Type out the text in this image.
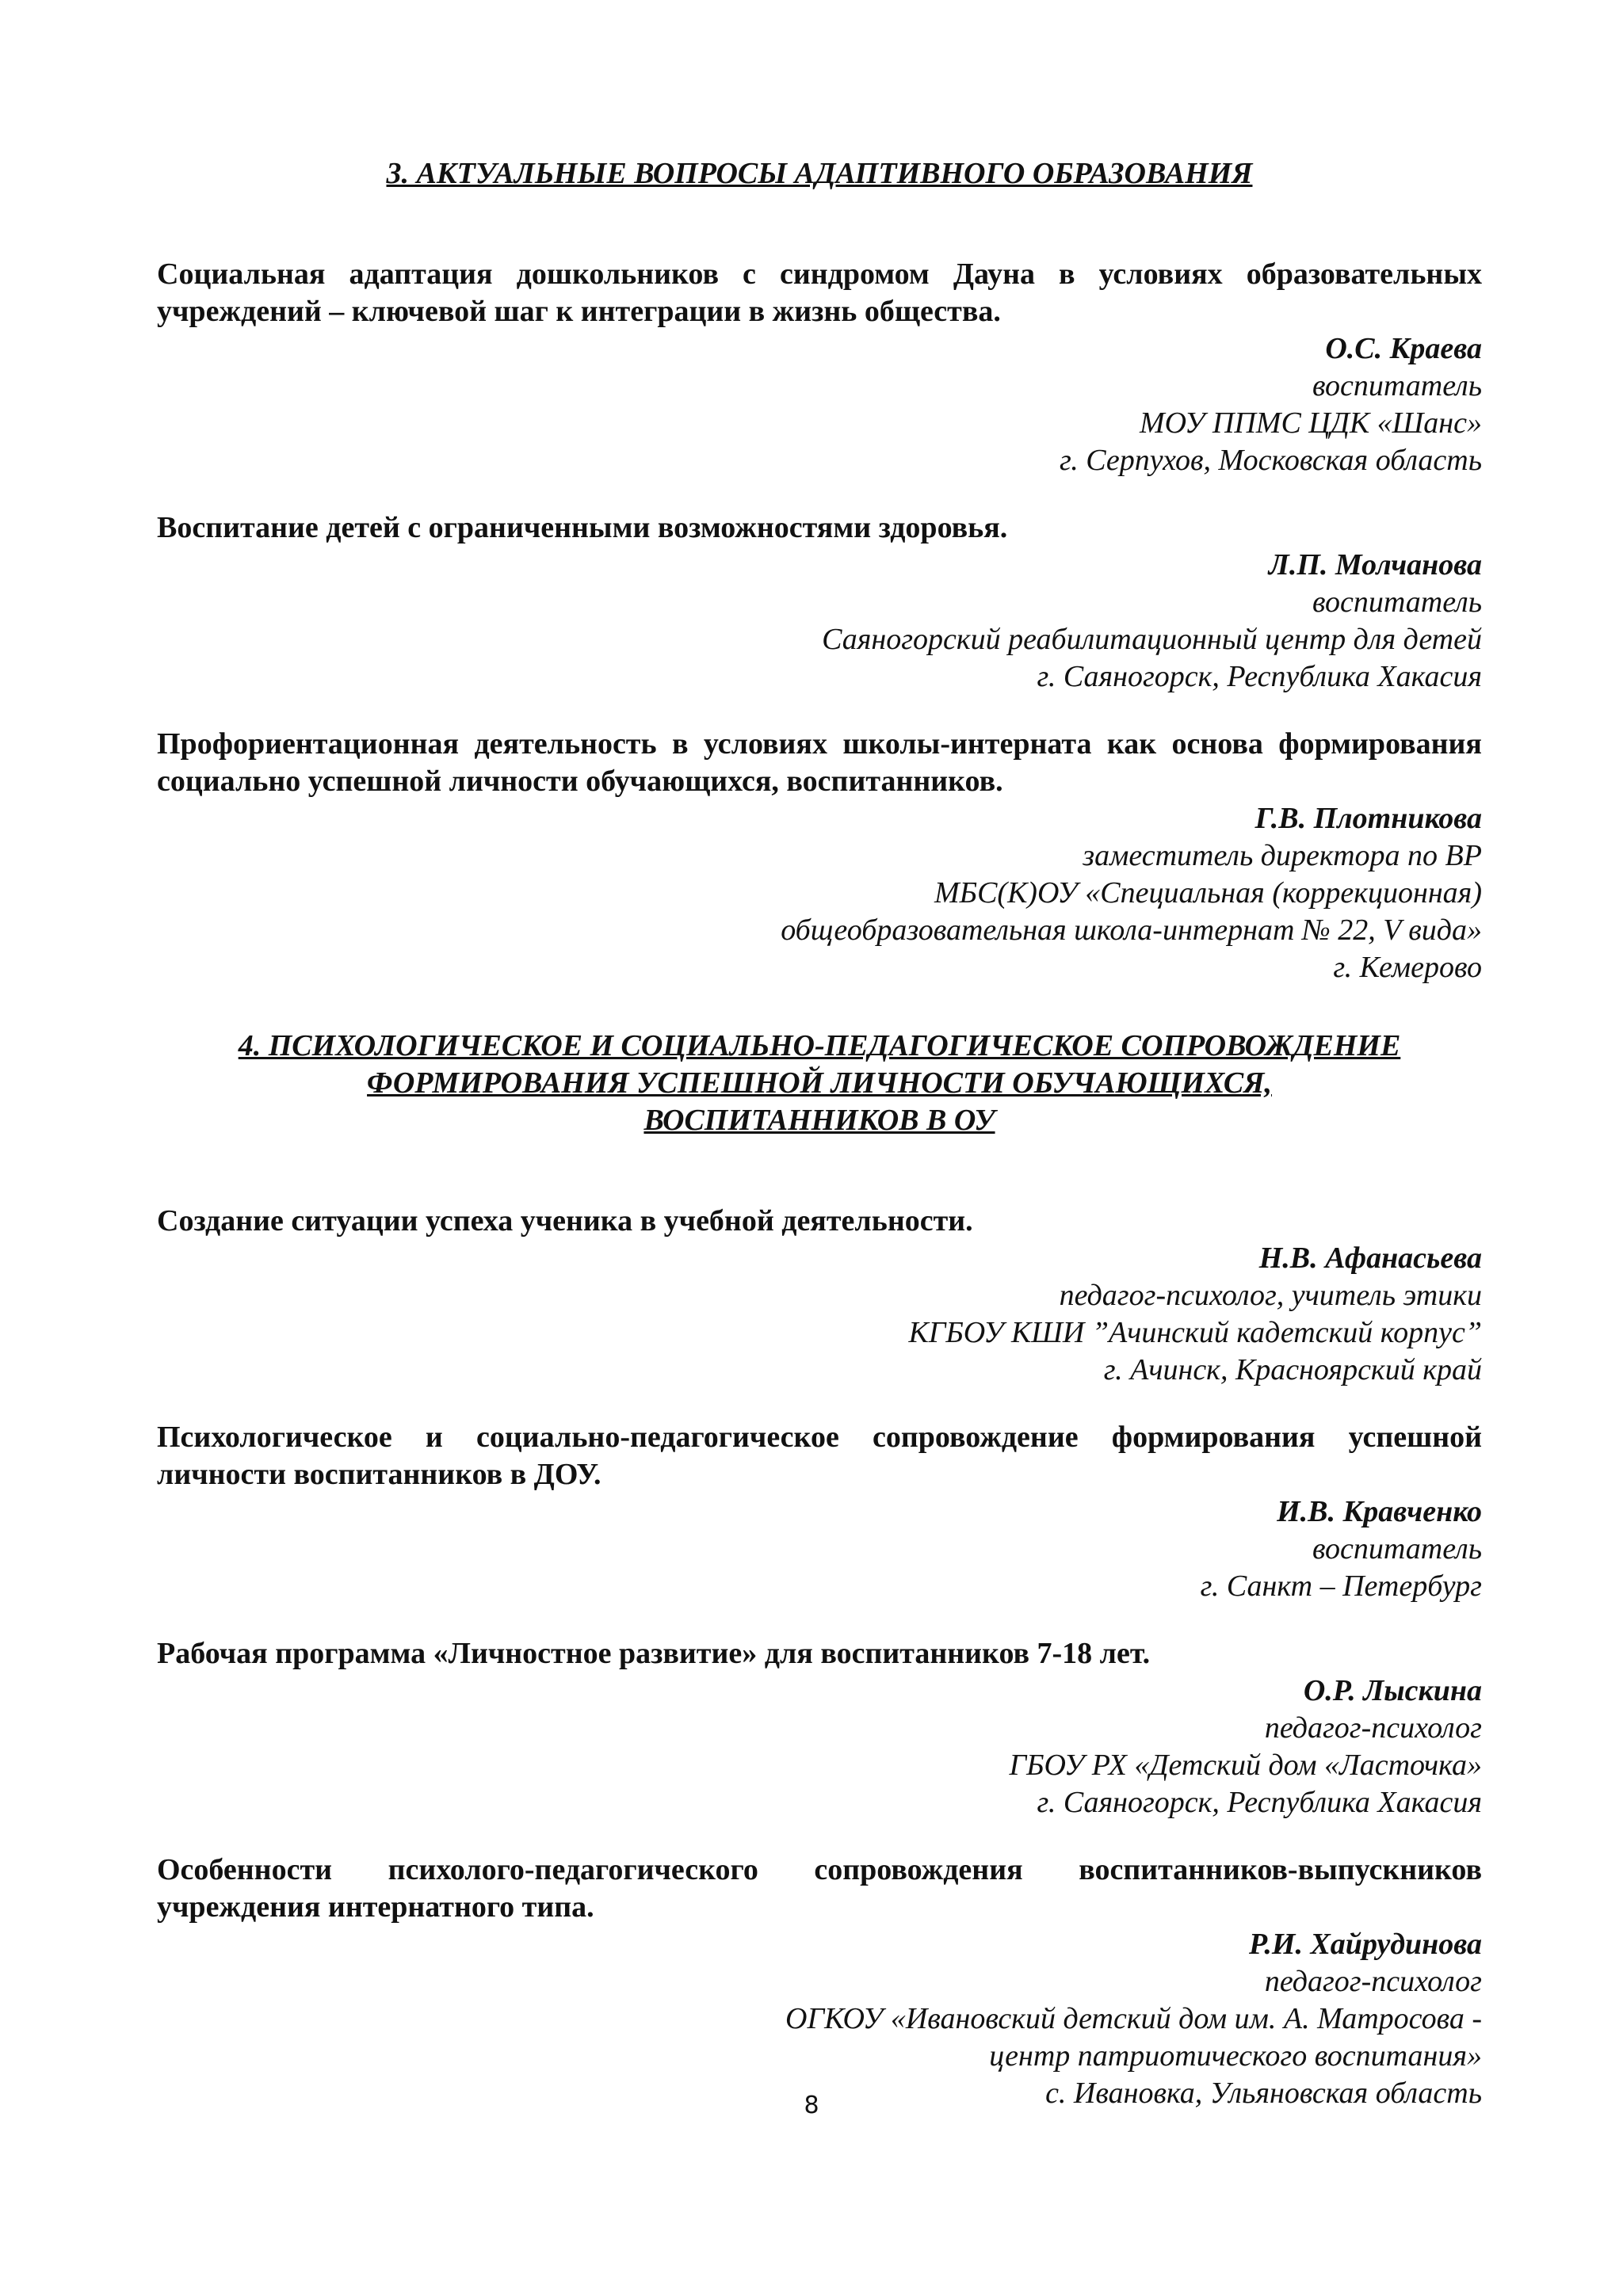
3. АКТУАЛЬНЫЕ ВОПРОСЫ АДАПТИВНОГО ОБРАЗОВАНИЯ

Социальная адаптация дошкольников с синдромом Дауна в условиях образовательных учреждений – ключевой шаг к интеграции в жизнь общества.

О.С. Краева
воспитатель
МОУ ППМС ЦДК «Шанс»
г. Серпухов, Московская область

Воспитание детей с ограниченными возможностями здоровья.

Л.П. Молчанова
воспитатель
Саяногорский реабилитационный центр для детей
г. Саяногорск, Республика Хакасия

Профориентационная деятельность в условиях школы-интерната как основа формирования социально успешной личности обучающихся, воспитанников.

Г.В. Плотникова
заместитель директора по ВР
МБС(К)ОУ «Специальная (коррекционная)
общеобразовательная школа-интернат № 22, V вида»
г. Кемерово
4. ПСИХОЛОГИЧЕСКОЕ И СОЦИАЛЬНО-ПЕДАГОГИЧЕСКОЕ СОПРОВОЖДЕНИЕ
ФОРМИРОВАНИЯ УСПЕШНОЙ ЛИЧНОСТИ ОБУЧАЮЩИХСЯ,
ВОСПИТАННИКОВ В ОУ

Создание ситуации успеха ученика в учебной деятельности.

Н.В. Афанасьева
педагог-психолог, учитель этики
КГБОУ КШИ ”Ачинский кадетский корпус”
г. Ачинск, Красноярский край

Психологическое и социально-педагогическое сопровождение формирования успешной личности воспитанников в ДОУ.

И.В. Кравченко
воспитатель
г. Санкт – Петербург

Рабочая программа «Личностное развитие» для воспитанников 7-18 лет.

О.Р. Лыскина
педагог-психолог
ГБОУ РХ «Детский дом «Ласточка»
г. Саяногорск, Республика Хакасия

Особенности психолого-педагогического сопровождения воспитанников-выпускников учреждения интернатного типа.

Р.И. Хайрудинова
педагог-психолог
ОГКОУ «Ивановский детский дом им. А. Матросова -
центр патриотического воспитания»
с. Ивановка, Ульяновская область
8
